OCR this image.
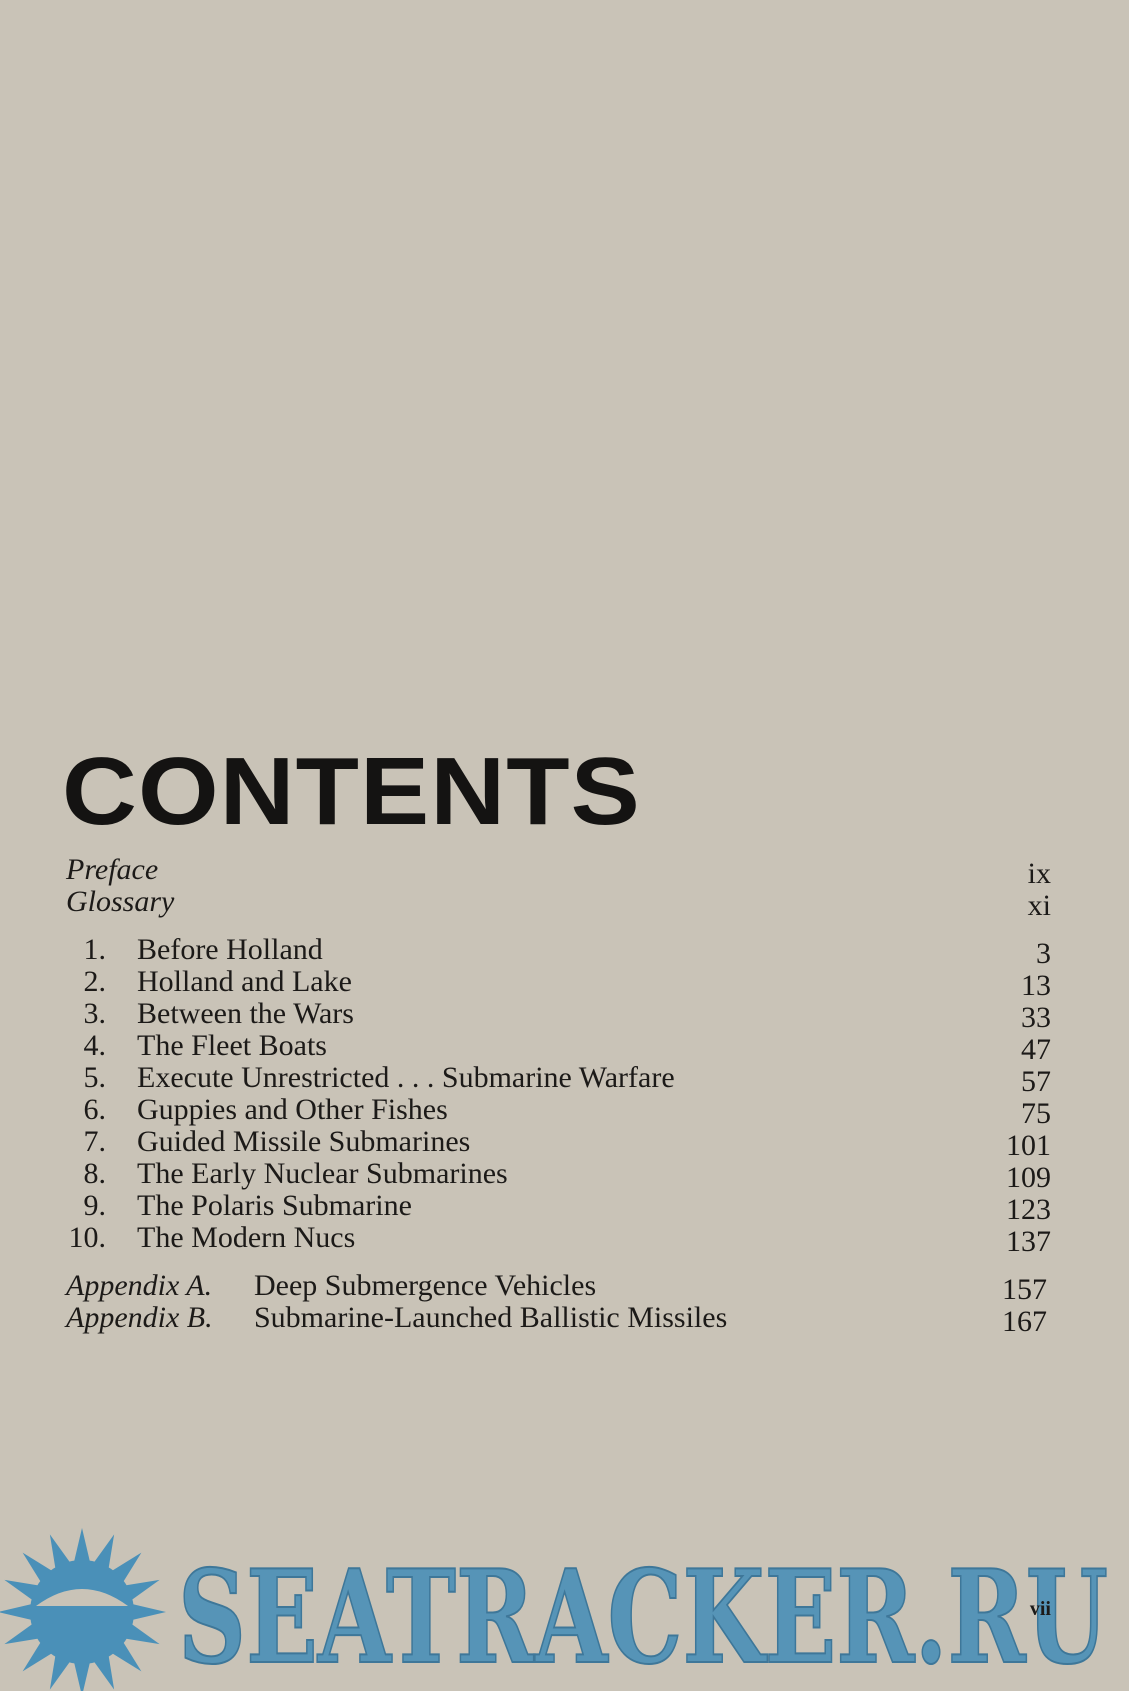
CONTENTS
Preface	ix
Glossary	xi
1. Before Holland	3
2. Holland and Lake	13
3. Between the Wars	33
4. The Fleet Boats	47
5. Execute Unrestricted . . . Submarine Warfare	57
6. Guppies and Other Fishes	75
7. Guided Missile Submarines	101
8. The Early Nuclear Submarines	109
9. The Polaris Submarine	123
10. The Modern Nucs	137
Appendix A. Deep Submergence Vehicles	157
Appendix B. Submarine-Launched Ballistic Missiles	167
SEATRACKER.RU
vii
